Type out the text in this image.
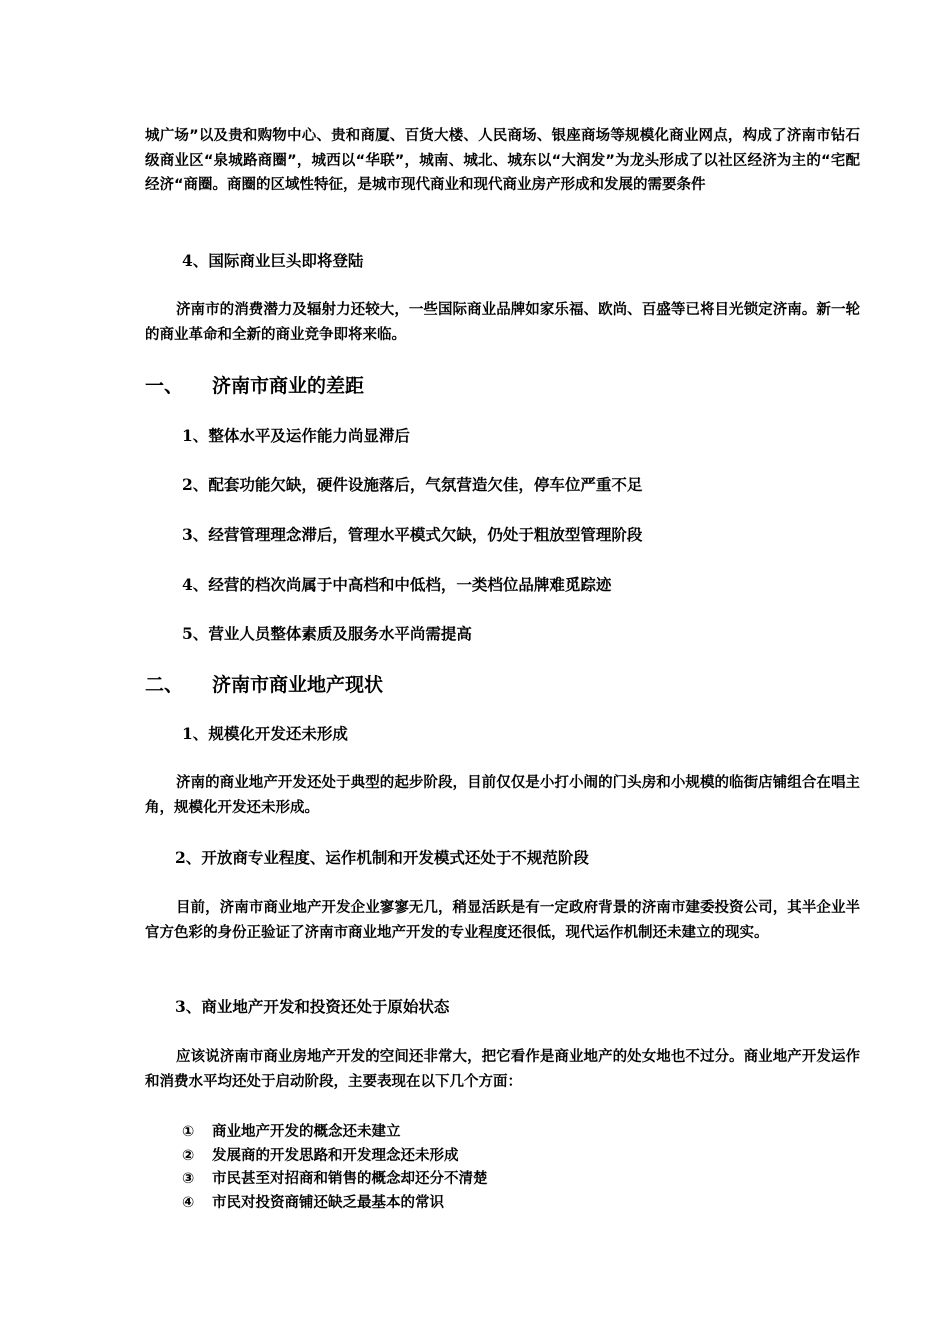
城广场”以及贵和购物中心、贵和商厦、百货大楼、人民商场、银座商场等规模化商业网点，构成了济南市钻石级商业区“泉城路商圈”，城西以“华联”，城南、城北、城东以“大润发”为龙头形成了以社区经济为主的“宅配经济“商圈。商圈的区域性特征，是城市现代商业和现代商业房产形成和发展的需要条件

4、国际商业巨头即将登陆

济南市的消费潜力及辐射力还较大，一些国际商业品牌如家乐福、欧尚、百盛等已将目光锁定济南。新一轮的商业革命和全新的商业竞争即将来临。

一、 济南市商业的差距
1、整体水平及运作能力尚显滞后
2、配套功能欠缺，硬件设施落后，气氛营造欠佳，停车位严重不足
3、经营管理理念滞后，管理水平模式欠缺，仍处于粗放型管理阶段
4、经营的档次尚属于中高档和中低档，一类档位品牌难觅踪迹
5、营业人员整体素质及服务水平尚需提高
二、 济南市商业地产现状
1、规模化开发还未形成

济南的商业地产开发还处于典型的起步阶段，目前仅仅是小打小闹的门头房和小规模的临街店铺组合在唱主角，规模化开发还未形成。

2、开放商专业程度、运作机制和开发模式还处于不规范阶段

目前，济南市商业地产开发企业寥寥无几，稍显活跃是有一定政府背景的济南市建委投资公司，其半企业半官方色彩的身份正验证了济南市商业地产开发的专业程度还很低，现代运作机制还未建立的现实。

3、商业地产开发和投资还处于原始状态

应该说济南市商业房地产开发的空间还非常大，把它看作是商业地产的处女地也不过分。商业地产开发运作和消费水平均还处于启动阶段，主要表现在以下几个方面：

① 商业地产开发的概念还未建立
② 发展商的开发思路和开发理念还未形成
③ 市民甚至对招商和销售的概念却还分不清楚
④ 市民对投资商铺还缺乏最基本的常识
